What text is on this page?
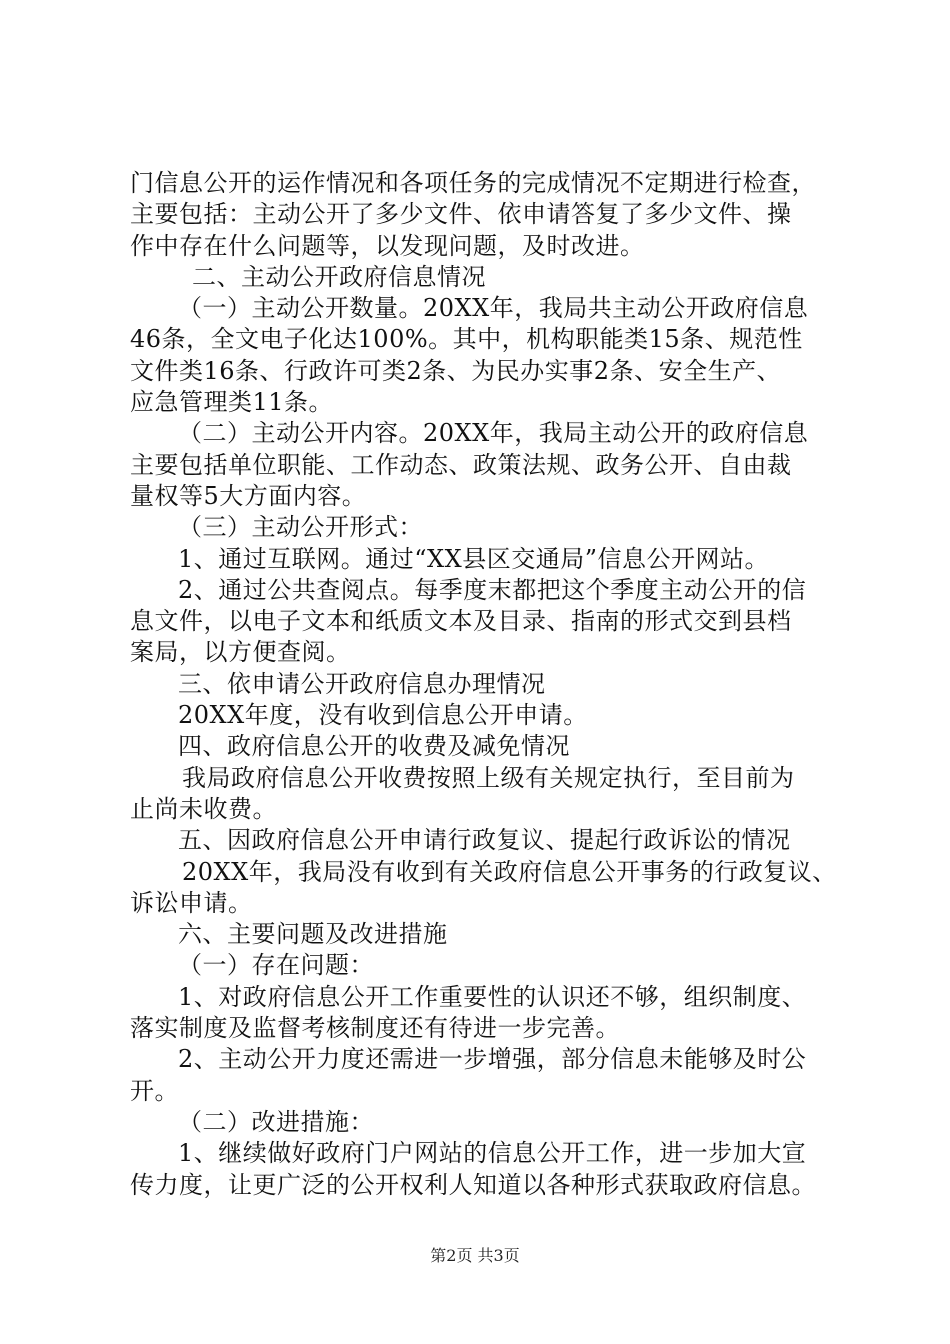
门信息公开的运作情况和各项任务的完成情况不定期进行检查，
主要包括：主动公开了多少文件、依申请答复了多少文件、操
作中存在什么问题等，以发现问题，及时改进。
二、主动公开政府信息情况
（一）主动公开数量。20XX年，我局共主动公开政府信息
46条，全文电子化达100%。其中，机构职能类15条、规范性
文件类16条、行政许可类2条、为民办实事2条、安全生产、
应急管理类11条。
（二）主动公开内容。20XX年，我局主动公开的政府信息
主要包括单位职能、工作动态、政策法规、政务公开、自由裁
量权等5大方面内容。
（三）主动公开形式：
1、通过互联网。通过“XX县区交通局”信息公开网站。
2、通过公共查阅点。每季度末都把这个季度主动公开的信
息文件，以电子文本和纸质文本及目录、指南的形式交到县档
案局，以方便查阅。
三、依申请公开政府信息办理情况
20XX年度，没有收到信息公开申请。
四、政府信息公开的收费及减免情况
我局政府信息公开收费按照上级有关规定执行，至目前为
止尚未收费。
五、因政府信息公开申请行政复议、提起行政诉讼的情况
20XX年，我局没有收到有关政府信息公开事务的行政复议、
诉讼申请。
六、主要问题及改进措施
（一）存在问题：
1、对政府信息公开工作重要性的认识还不够，组织制度、
落实制度及监督考核制度还有待进一步完善。
2、主动公开力度还需进一步增强，部分信息未能够及时公
开。
（二）改进措施：
1、继续做好政府门户网站的信息公开工作，进一步加大宣
传力度，让更广泛的公开权利人知道以各种形式获取政府信息。
第2页 共3页
